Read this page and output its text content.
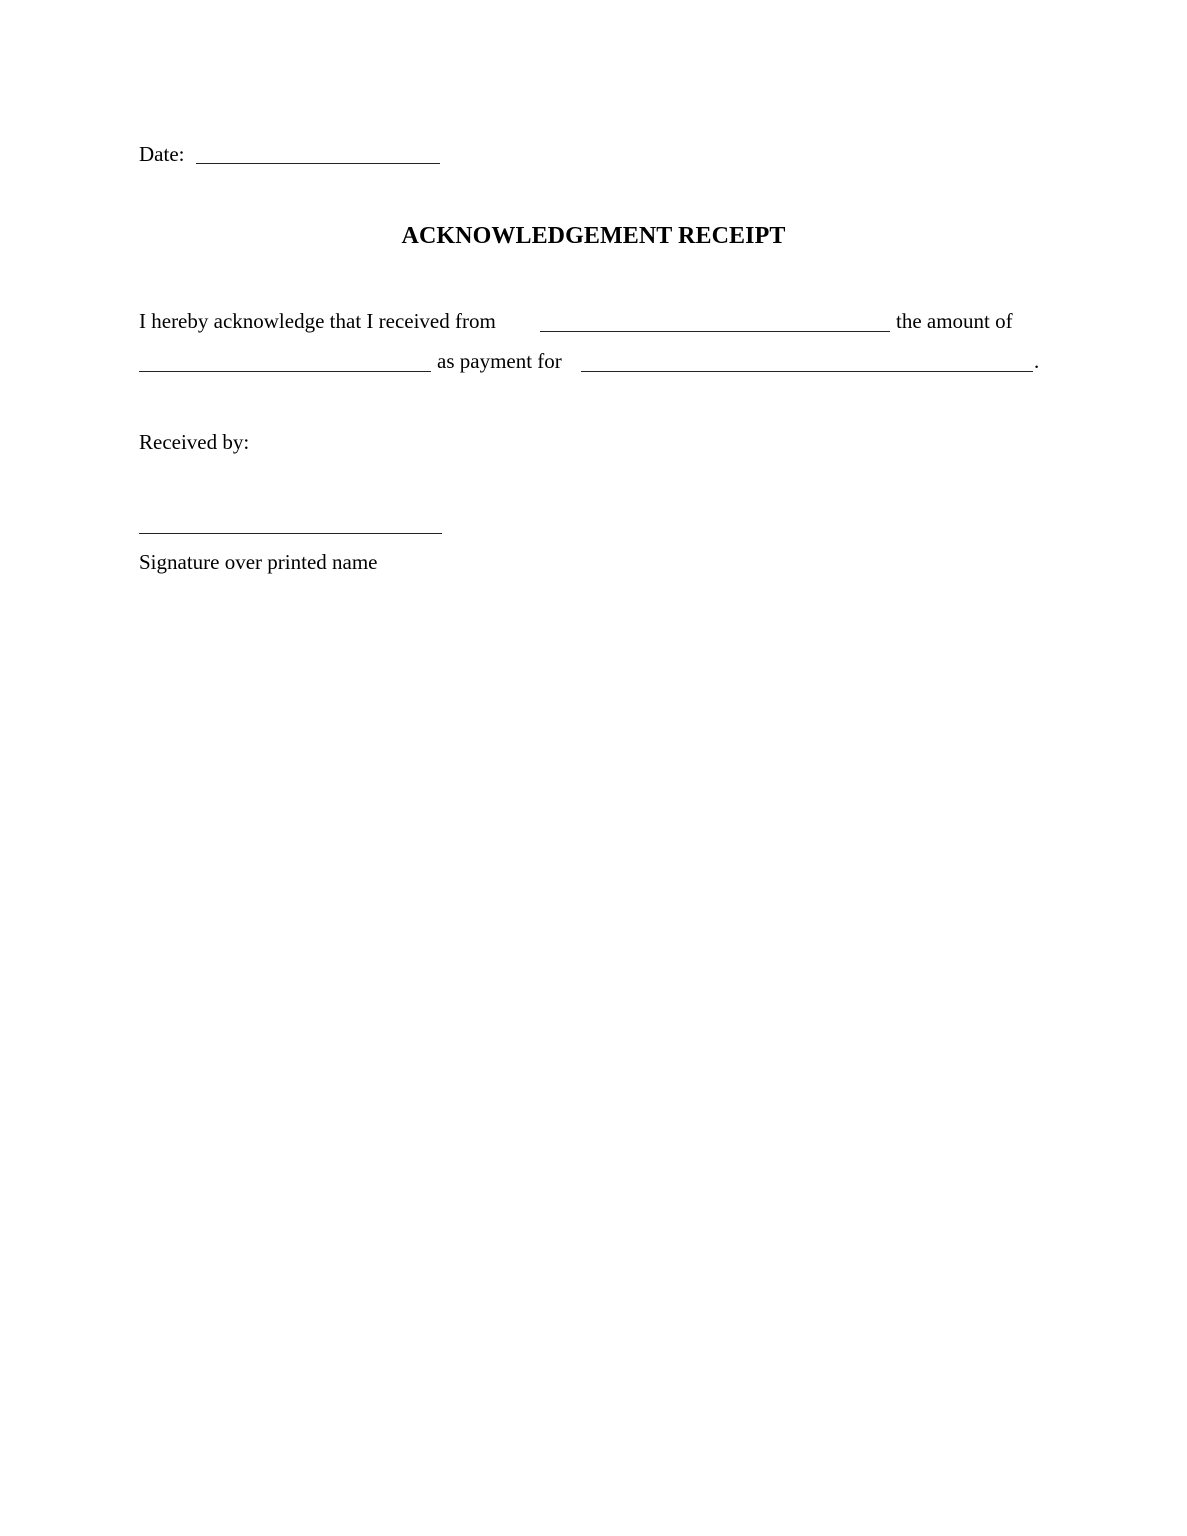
Date:
ACKNOWLEDGEMENT RECEIPT
I hereby acknowledge that I received from	the amount of
as payment for	.
Received by:
Signature over printed name
